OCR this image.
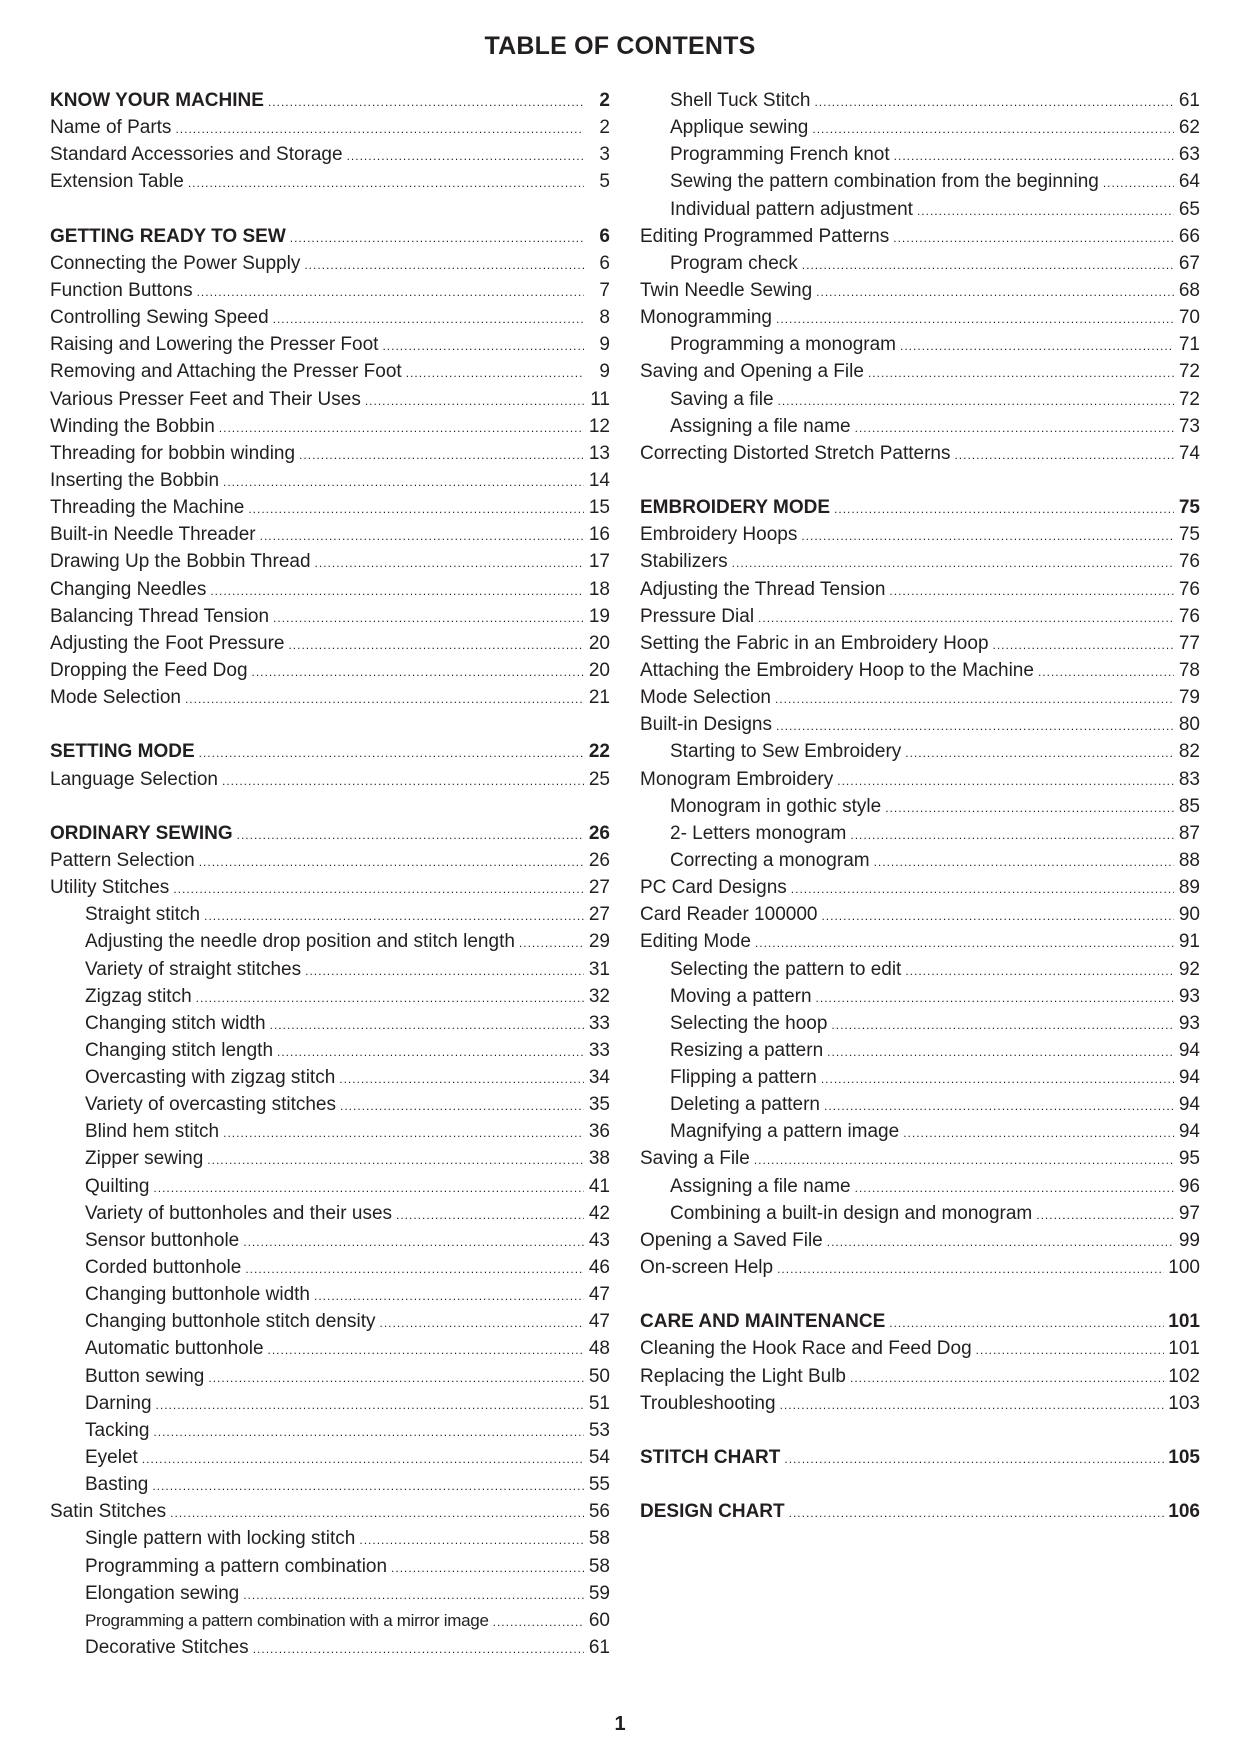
TABLE OF CONTENTS
KNOW YOUR MACHINE .....	2
Name of Parts .....	2
Standard Accessories and Storage .....	3
Extension Table .....	5
GETTING READY TO SEW .....	6
Connecting the Power Supply .....	6
Function Buttons .....	7
Controlling Sewing Speed .....	8
Raising and Lowering the Presser Foot .....	9
Removing and Attaching the Presser Foot .....	9
Various Presser Feet and Their Uses .....	11
Winding the Bobbin .....	12
Threading for bobbin winding .....	13
Inserting the Bobbin .....	14
Threading the Machine .....	15
Built-in Needle Threader .....	16
Drawing Up the Bobbin Thread .....	17
Changing Needles .....	18
Balancing Thread Tension .....	19
Adjusting the Foot Pressure .....	20
Dropping the Feed Dog .....	20
Mode Selection .....	21
SETTING MODE .....	22
Language Selection .....	25
ORDINARY SEWING .....	26
Pattern Selection .....	26
Utility Stitches .....	27
Straight stitch .....	27
Adjusting the needle drop position and stitch length .....	29
Variety of straight stitches .....	31
Zigzag stitch .....	32
Changing stitch width .....	33
Changing stitch length .....	33
Overcasting with zigzag stitch .....	34
Variety of overcasting stitches .....	35
Blind hem stitch .....	36
Zipper sewing .....	38
Quilting .....	41
Variety of buttonholes and their uses .....	42
Sensor buttonhole .....	43
Corded buttonhole .....	46
Changing buttonhole width .....	47
Changing buttonhole stitch density .....	47
Automatic buttonhole .....	48
Button sewing .....	50
Darning .....	51
Tacking .....	53
Eyelet .....	54
Basting .....	55
Satin Stitches .....	56
Single pattern with locking stitch .....	58
Programming a pattern combination .....	58
Elongation sewing .....	59
Programming a pattern combination with a mirror image .....	60
Decorative Stitches .....	61
Shell Tuck Stitch .....	61
Applique sewing .....	62
Programming French knot .....	63
Sewing the pattern combination from the beginning .....	64
Individual pattern adjustment .....	65
Editing Programmed Patterns .....	66
Program check .....	67
Twin Needle Sewing .....	68
Monogramming .....	70
Programming a monogram .....	71
Saving and Opening a File .....	72
Saving a file .....	72
Assigning a file name .....	73
Correcting Distorted Stretch Patterns .....	74
EMBROIDERY MODE .....	75
Embroidery Hoops .....	75
Stabilizers .....	76
Adjusting the Thread Tension .....	76
Pressure Dial .....	76
Setting the Fabric in an Embroidery Hoop .....	77
Attaching the Embroidery Hoop to the Machine .....	78
Mode Selection .....	79
Built-in Designs .....	80
Starting to Sew Embroidery .....	82
Monogram Embroidery .....	83
Monogram in gothic style .....	85
2- Letters monogram .....	87
Correcting a monogram .....	88
PC Card Designs .....	89
Card Reader 100000 .....	90
Editing Mode .....	91
Selecting the pattern to edit .....	92
Moving a pattern .....	93
Selecting the hoop .....	93
Resizing a pattern .....	94
Flipping a pattern .....	94
Deleting a pattern .....	94
Magnifying a pattern image .....	94
Saving a File .....	95
Assigning a file name .....	96
Combining a built-in design and monogram .....	97
Opening a Saved File .....	99
On-screen Help .....	100
CARE AND MAINTENANCE .....	101
Cleaning the Hook Race and Feed Dog .....	101
Replacing the Light Bulb .....	102
Troubleshooting .....	103
STITCH CHART .....	105
DESIGN CHART .....	106
1
